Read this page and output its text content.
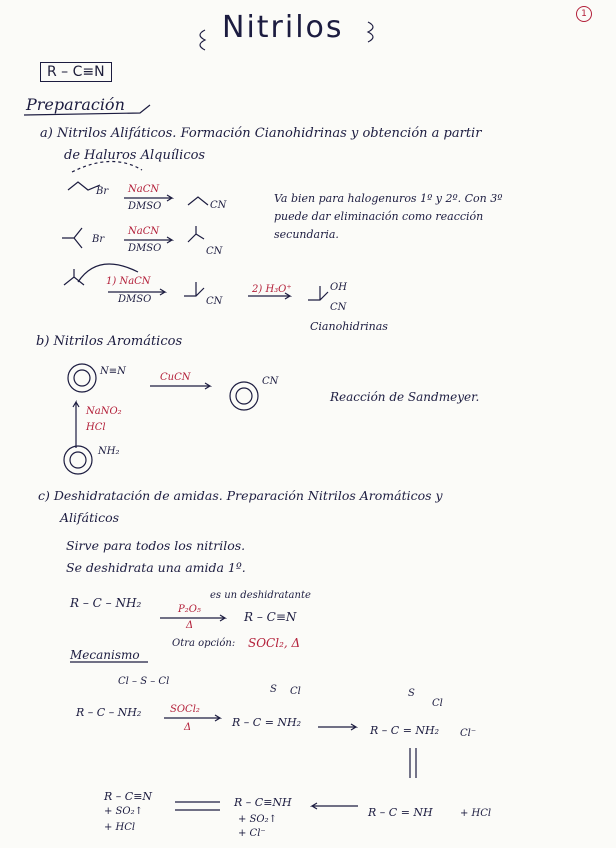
Nitrilos	1
R – C≡N
Preparación
a) Nitrilos Alifáticos. Formación Cianohidrinas y obtención a partir
de Haluros Alquílicos
Br NaCN
DMSO	CN
Br
NaCN
DMSO	CN
Va bien para halogenuros 1º y 2º. Con 3º
puede dar eliminación como reacción
secundaria.
1) NaCN
DMSO	CN
2) H₃O⁺	OH
CN
Cianohidrinas
b) Nitrilos Aromáticos
N≡N
CuCN	CN
Reacción de Sandmeyer.
NaNO₂
HCl
NH₂
c) Deshidratación de amidas. Preparación Nitrilos Aromáticos y
Alifáticos
Sirve para todos los nitrilos.
Se deshidrata una amida 1º.
R – C – NH₂
es un deshidratante
P₂O₅
Δ
R – C≡N
Otra opción: SOCl₂, Δ
Mecanismo
Cl – S – Cl
R – C – NH₂	SOCl₂
Δ	R – C = NH₂
S Cl
R – C = NH₂ Cl⁻
S
Cl
R – C≡N
+ SO₂↑
+ HCl
R – C≡NH
+ SO₂↑
+ Cl⁻
R – C = NH	+ HCl
